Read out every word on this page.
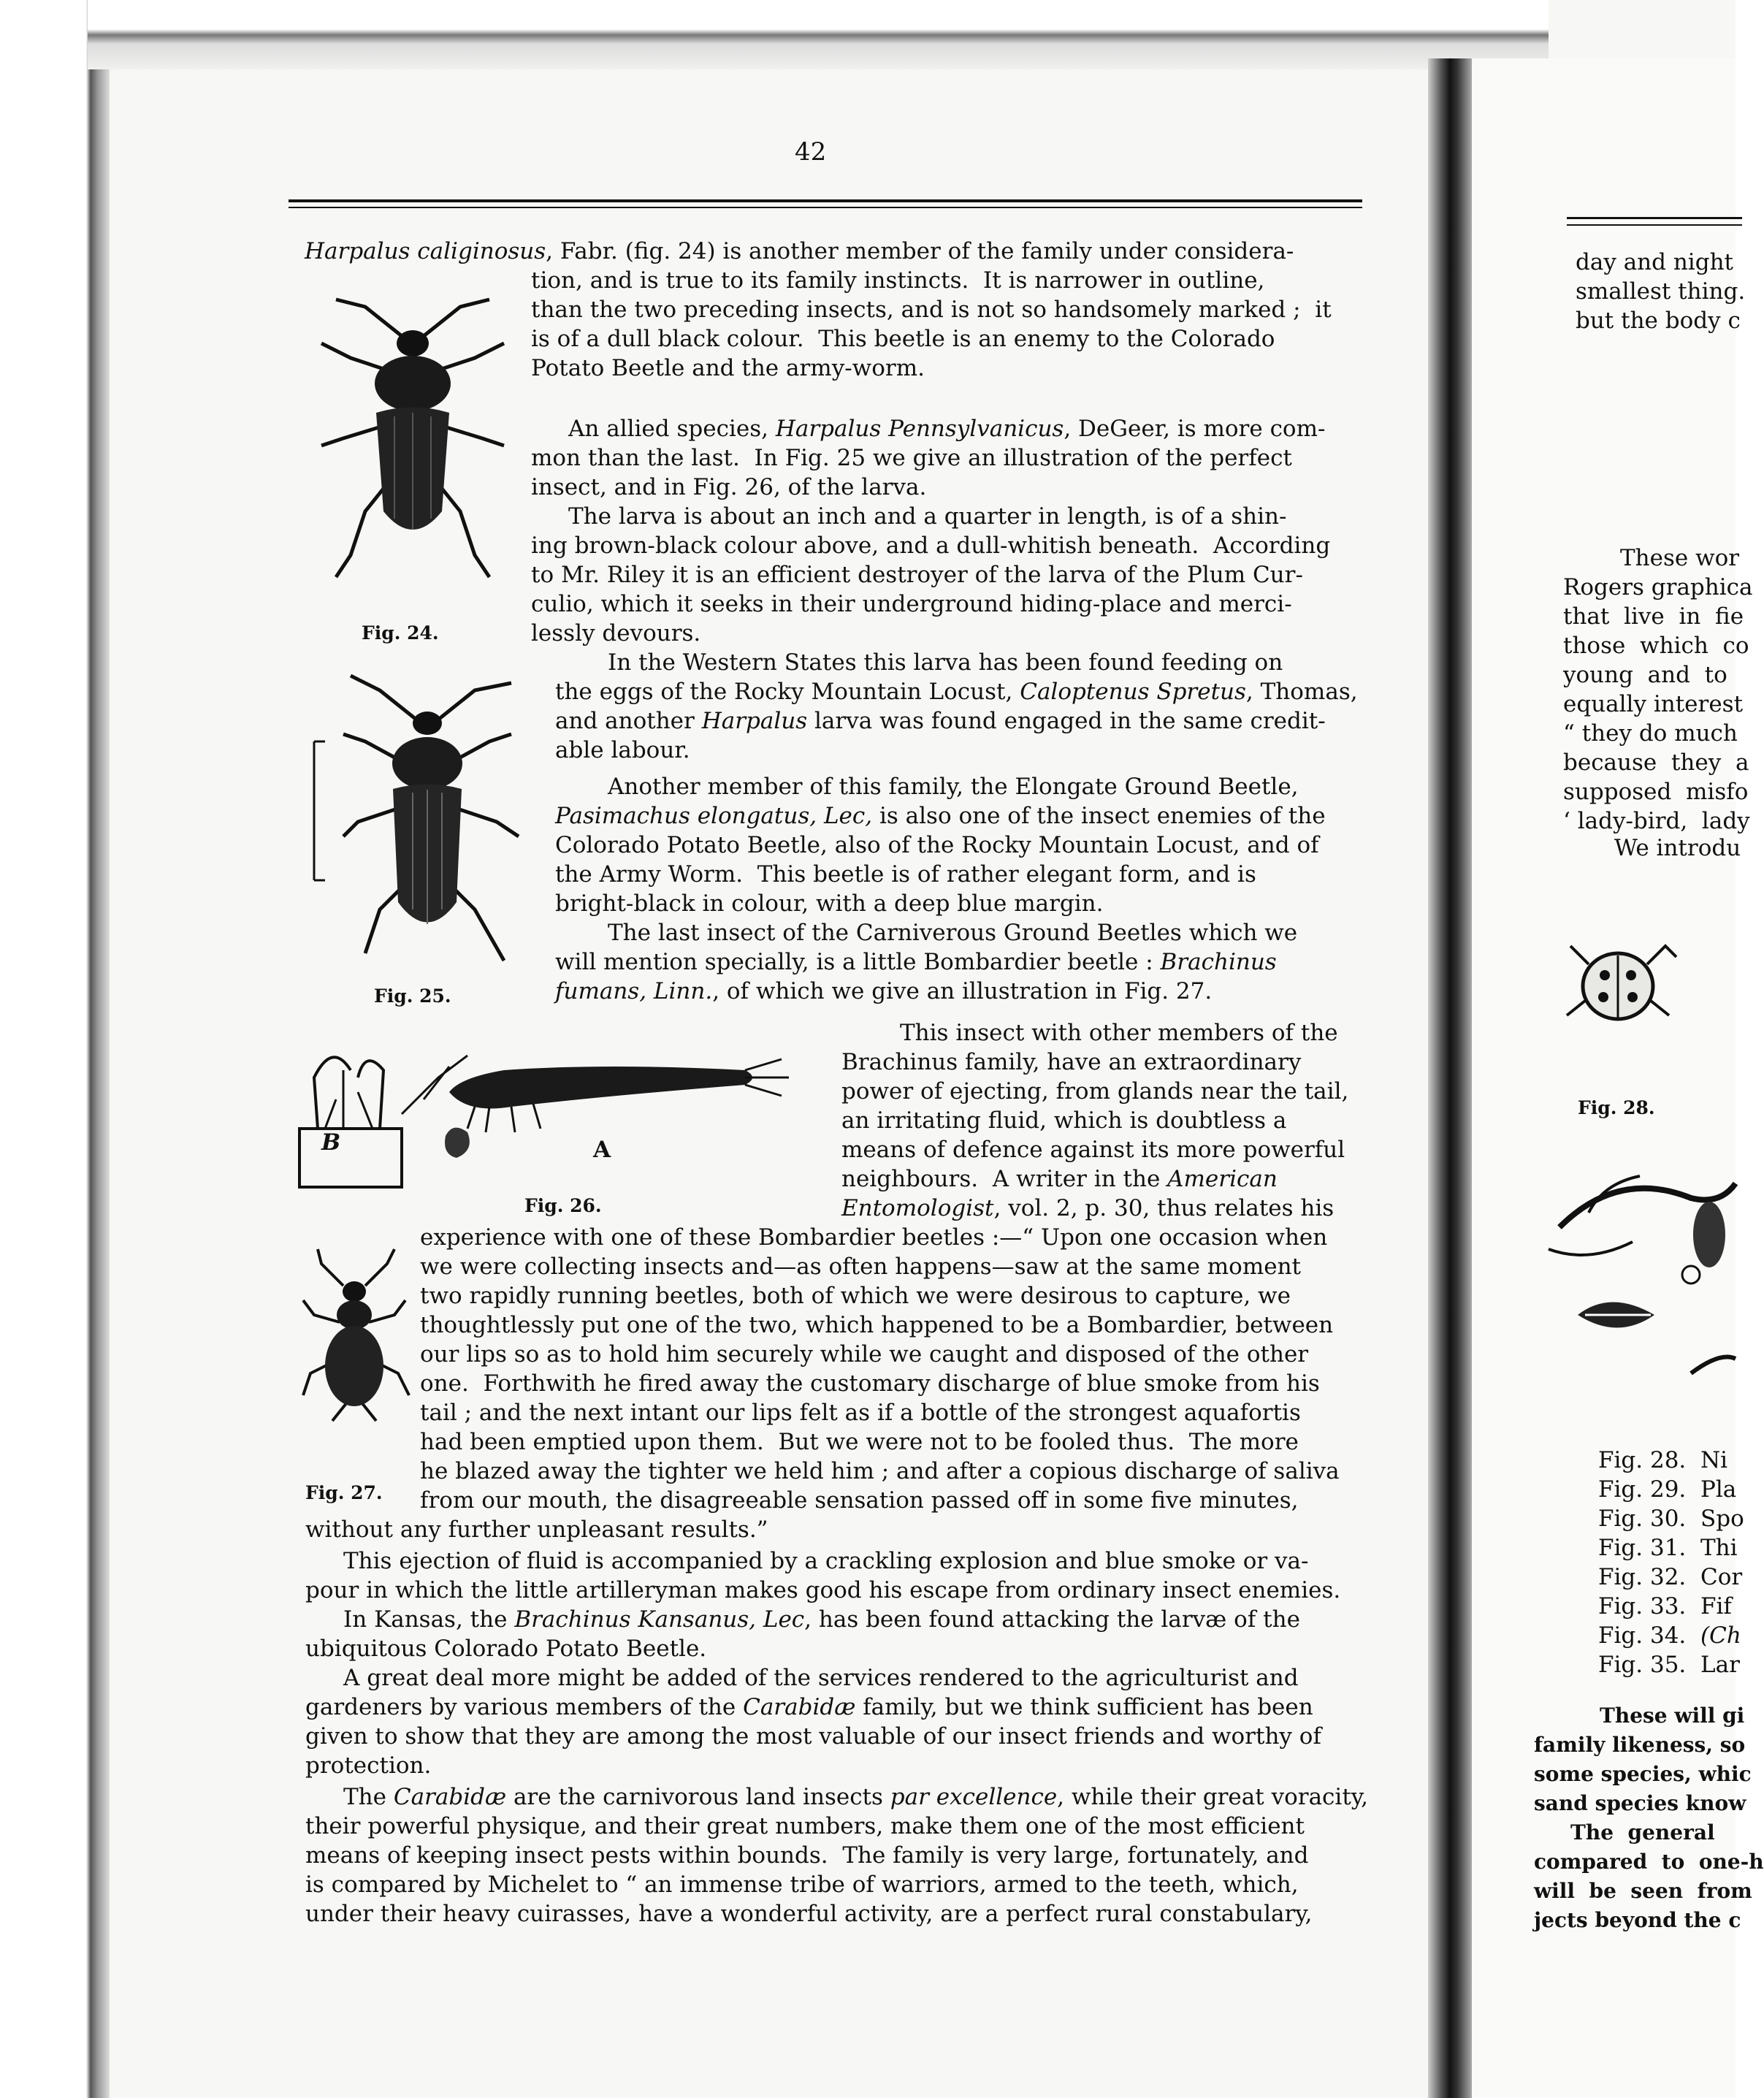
42
Harpalus caliginosus, Fabr. (fig. 24) is another member of the family under considera-
tion, and is true to its family instincts.  It is narrower in outline,
than the two preceding insects, and is not so handsomely marked ;  it
is of a dull black colour.  This beetle is an enemy to the Colorado
Potato Beetle and the army-worm.
An allied species, Harpalus Pennsylvanicus, DeGeer, is more com-
mon than the last.  In Fig. 25 we give an illustration of the perfect
insect, and in Fig. 26, of the larva.
The larva is about an inch and a quarter in length, is of a shin-
ing brown-black colour above, and a dull-whitish beneath.  According
to Mr. Riley it is an efficient destroyer of the larva of the Plum Cur-
culio, which it seeks in their underground hiding-place and merci-
lessly devours.
In the Western States this larva has been found feeding on
the eggs of the Rocky Mountain Locust, Caloptenus Spretus, Thomas,
and another Harpalus larva was found engaged in the same credit-
able labour.
Another member of this family, the Elongate Ground Beetle,
Pasimachus elongatus, Lec, is also one of the insect enemies of the
Colorado Potato Beetle, also of the Rocky Mountain Locust, and of
the Army Worm.  This beetle is of rather elegant form, and is
bright-black in colour, with a deep blue margin.
The last insect of the Carniverous Ground Beetles which we
will mention specially, is a little Bombardier beetle : Brachinus
fumans, Linn., of which we give an illustration in Fig. 27.
This insect with other members of the
Brachinus family, have an extraordinary
power of ejecting, from glands near the tail,
an irritating fluid, which is doubtless a
means of defence against its more powerful
neighbours.  A writer in the American
Entomologist, vol. 2, p. 30, thus relates his
experience with one of these Bombardier beetles :—“ Upon one occasion when
we were collecting insects and—as often happens—saw at the same moment
two rapidly running beetles, both of which we were desirous to capture, we
thoughtlessly put one of the two, which happened to be a Bombardier, between
our lips so as to hold him securely while we caught and disposed of the other
one.  Forthwith he fired away the customary discharge of blue smoke from his
tail ; and the next intant our lips felt as if a bottle of the strongest aquafortis
had been emptied upon them.  But we were not to be fooled thus.  The more
he blazed away the tighter we held him ; and after a copious discharge of saliva
from our mouth, the disagreeable sensation passed off in some five minutes,
without any further unpleasant results.”
This ejection of fluid is accompanied by a crackling explosion and blue smoke or va-
pour in which the little artilleryman makes good his escape from ordinary insect enemies.
In Kansas, the Brachinus Kansanus, Lec, has been found attacking the larvæ of the
ubiquitous Colorado Potato Beetle.
A great deal more might be added of the services rendered to the agriculturist and
gardeners by various members of the Carabidæ family, but we think sufficient has been
given to show that they are among the most valuable of our insect friends and worthy of
protection.
The Carabidæ are the carnivorous land insects par excellence, while their great voracity,
their powerful physique, and their great numbers, make them one of the most efficient
means of keeping insect pests within bounds.  The family is very large, fortunately, and
is compared by Michelet to “ an immense tribe of warriors, armed to the teeth, which,
under their heavy cuirasses, have a wonderful activity, are a perfect rural constabulary,
Fig. 24.
Fig. 25.
B	A
Fig. 26.
Fig. 27.
day and night
smallest thing.
but the body c
These wor
Rogers graphica
that  live  in  fie
those  which  co
young  and  to
equally interest
“ they do much
because  they  a
supposed  misfo
‘ lady-bird,  lady
We introdu
Fig. 28.
Fig. 28. Ni
Fig. 29. Pla
Fig. 30. Spo
Fig. 31. Thi
Fig. 32. Cor
Fig. 33. Fif
Fig. 34. (Ch
Fig. 35. Lar
These will gi
family likeness, so
some species, whic
sand species know
The  general
compared  to  one-h
will  be  seen  from
jects beyond the c
